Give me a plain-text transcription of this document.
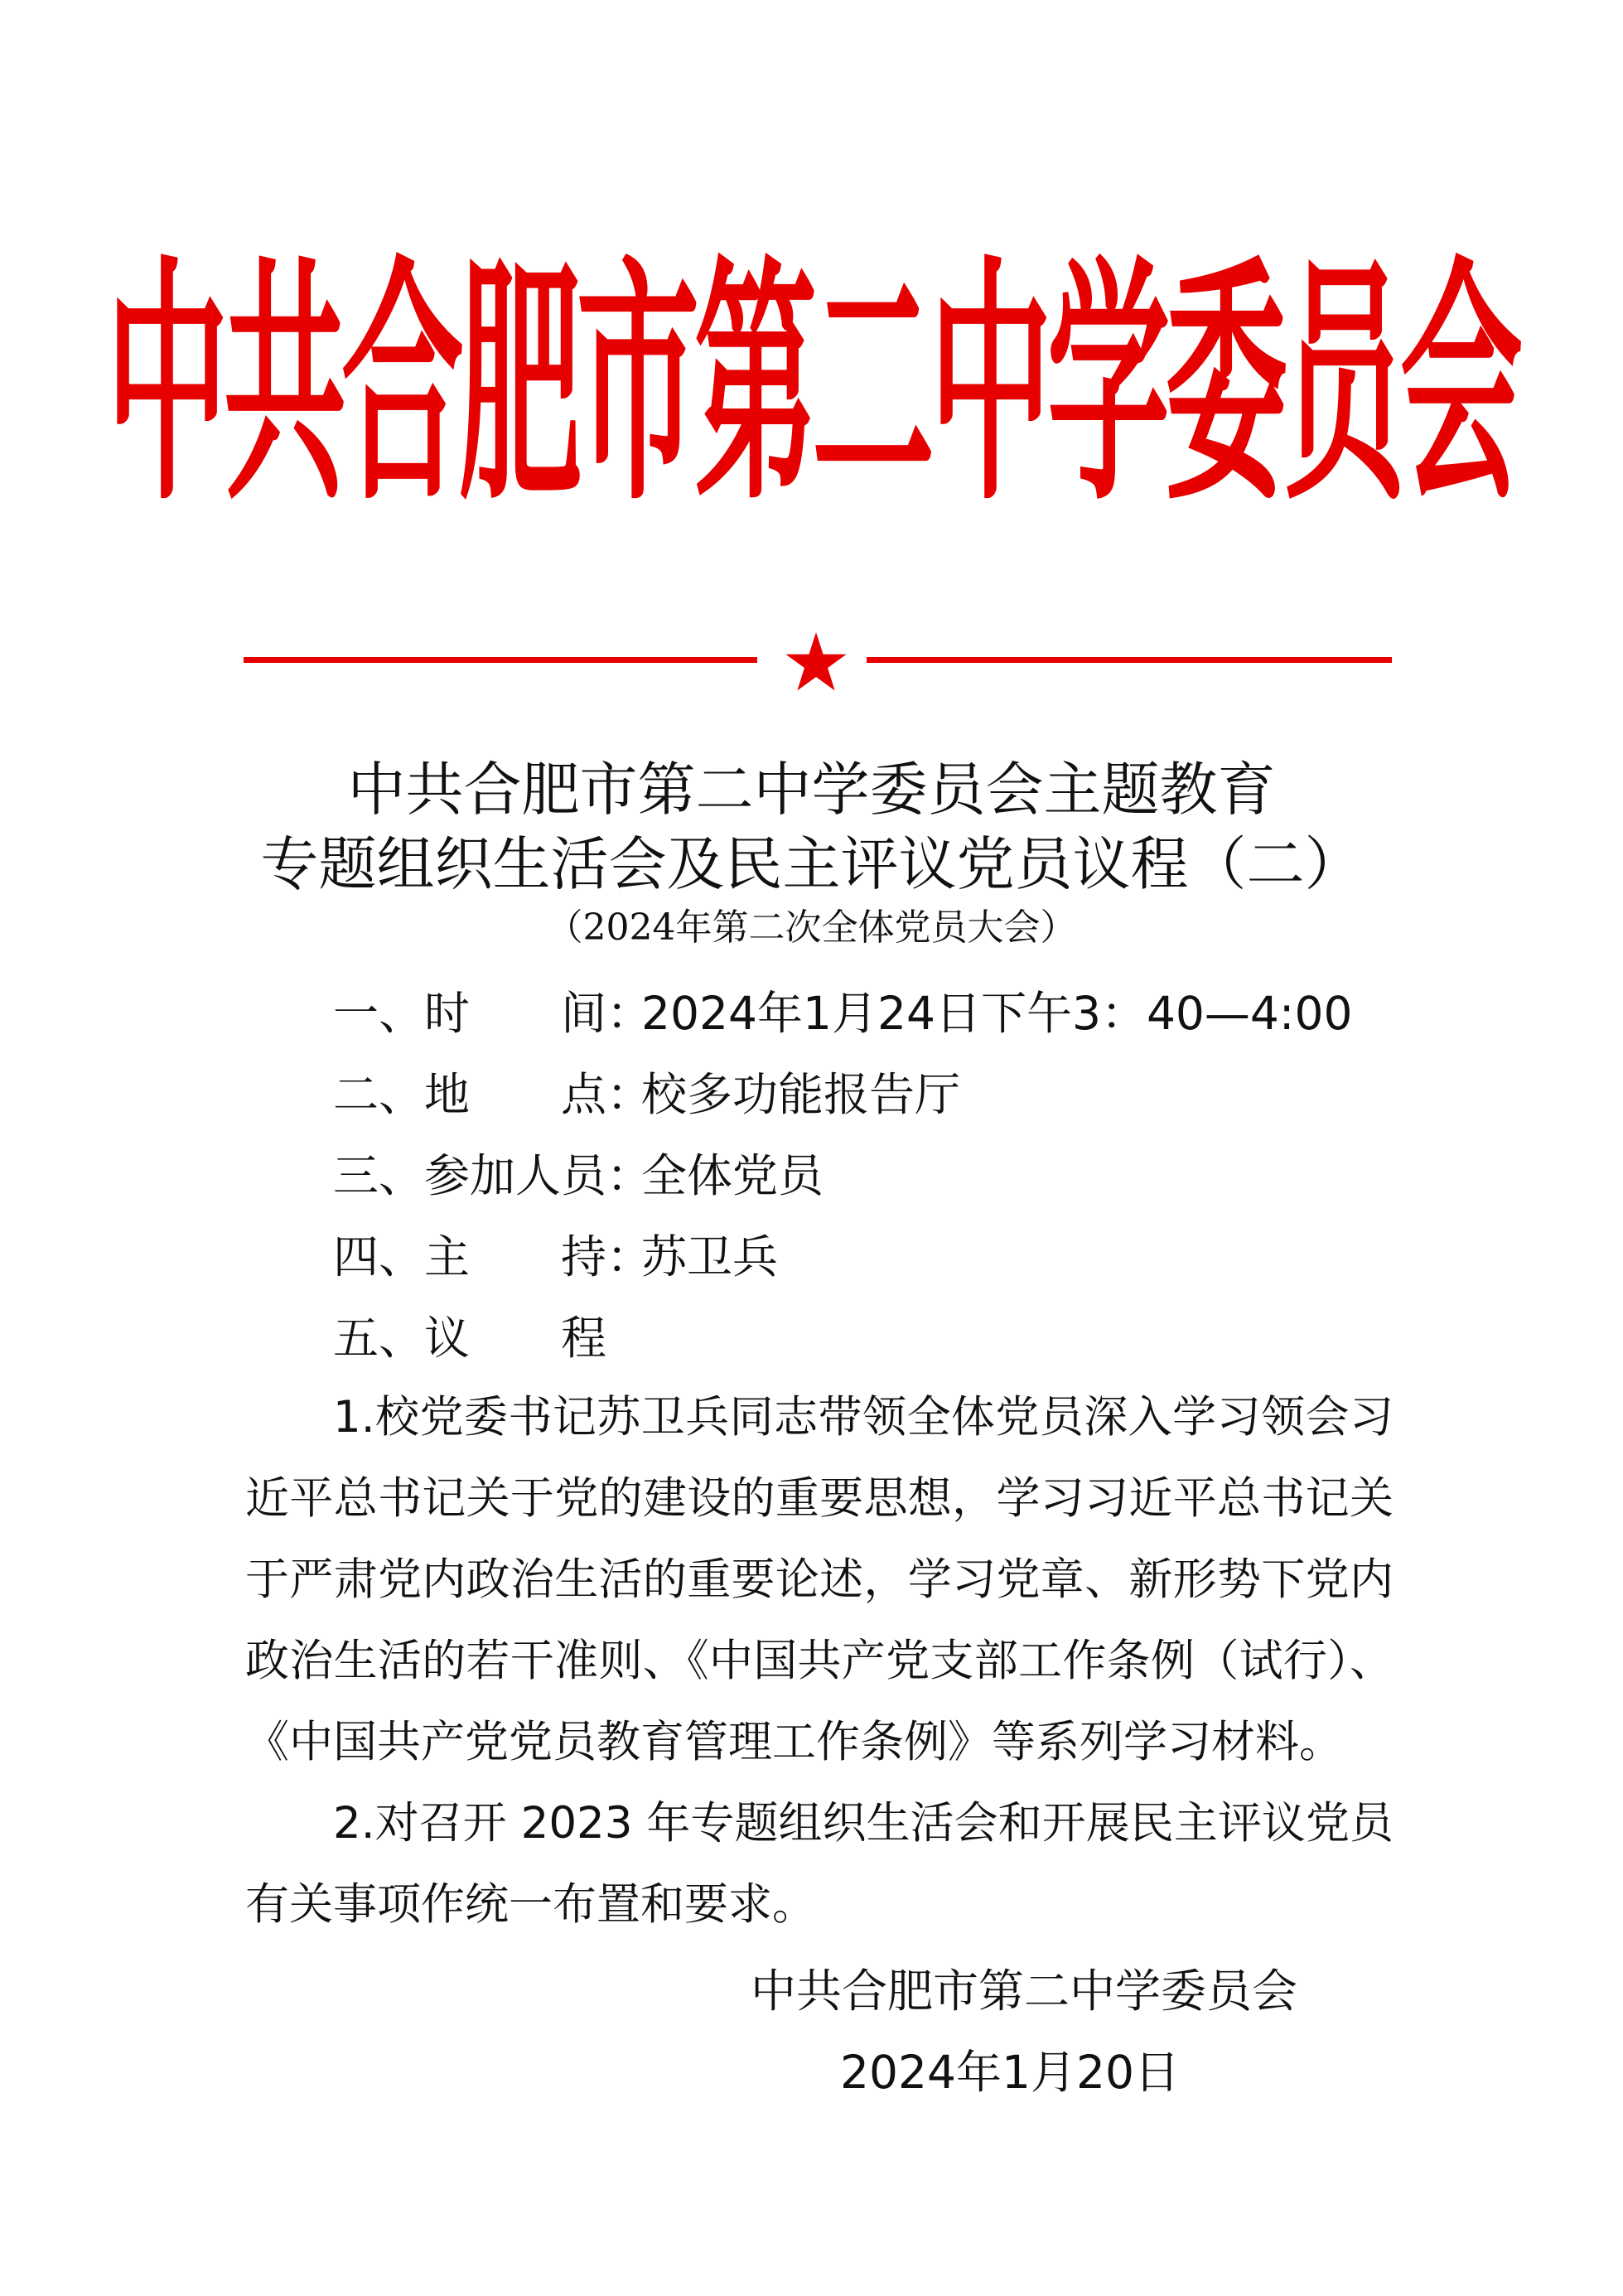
中共合肥市第二中学委员会
中共合肥市第二中学委员会主题教育
专题组织生活会及民主评议党员议程（二）
（2024年第二次全体党员大会）
一、时　　间：2024年1月24日下午3：40—4:00
二、地　　点：校多功能报告厅
三、参加人员：全体党员
四、主　　持：苏卫兵
五、议　　程
1.校党委书记苏卫兵同志带领全体党员深入学习领会习近平总书记关于党的建设的重要思想，学习习近平总书记关于严肃党内政治生活的重要论述，学习党章、新形势下党内政治生活的若干准则、《中国共产党支部工作条例（试行）、《中国共产党党员教育管理工作条例》等系列学习材料。
2.对召开 2023 年专题组织生活会和开展民主评议党员有关事项作统一布置和要求。
中共合肥市第二中学委员会
2024年1月20日
